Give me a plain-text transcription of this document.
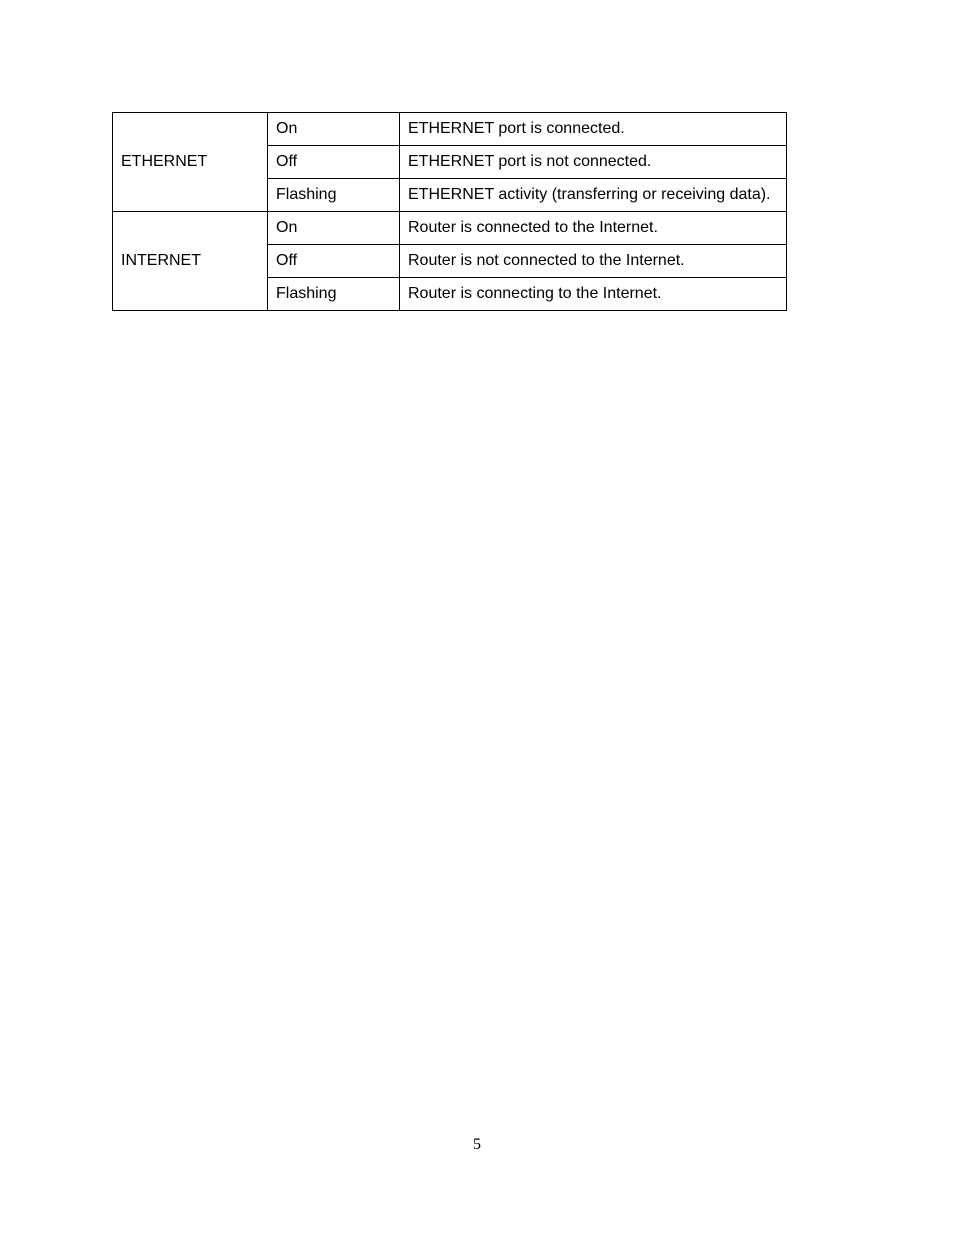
ETHERNET	On	ETHERNET port is connected.
	Off	ETHERNET port is not connected.
	Flashing	ETHERNET activity (transferring or receiving data).
INTERNET	On	Router is connected to the Internet.
	Off	Router is not connected to the Internet.
	Flashing	Router is connecting to the Internet.
5
